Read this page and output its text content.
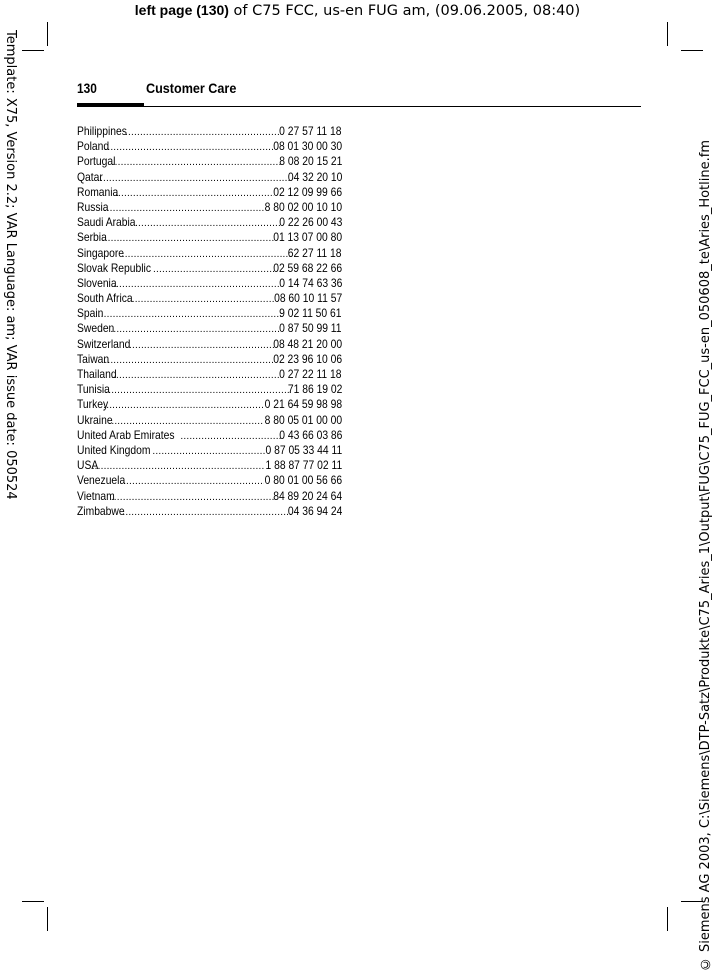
left page (130) of C75 FCC, us-en FUG am, (09.06.2005, 08:40)
Template: X75, Version 2.2; VAR Language: am; VAR issue date: 050524	© Siemens AG 2003, C:\Siemens\DTP-Satz\Produkte\C75_Aries_1\Output\FUG\C75_FUG_FCC_us-en_050608_te\Aries_Hotline.fm
130	Customer Care
Philippines .....	0 27 57 11 18
Poland .....	08 01 30 00 30
Portugal .....	8 08 20 15 21
Qatar .....	04 32 20 10
Romania .....	02 12 09 99 66
Russia .....	8 80 02 00 10 10
Saudi Arabia .....	0 22 26 00 43
Serbia .....	01 13 07 00 80
Singapore .....	62 27 11 18
Slovak Republic .....	02 59 68 22 66
Slovenia .....	0 14 74 63 36
South Africa .....	08 60 10 11 57
Spain .....	9 02 11 50 61
Sweden .....	0 87 50 99 11
Switzerland .....	08 48 21 20 00
Taiwan .....	02 23 96 10 06
Thailand .....	0 27 22 11 18
Tunisia .....	71 86 19 02
Turkey .....	0 21 64 59 98 98
Ukraine .....	8 80 05 01 00 00
United Arab Emirates .....	0 43 66 03 86
United Kingdom .....	0 87 05 33 44 11
USA .....	1 88 87 77 02 11
Venezuela .....	0 80 01 00 56 66
Vietnam .....	84 89 20 24 64
Zimbabwe .....	04 36 94 24
